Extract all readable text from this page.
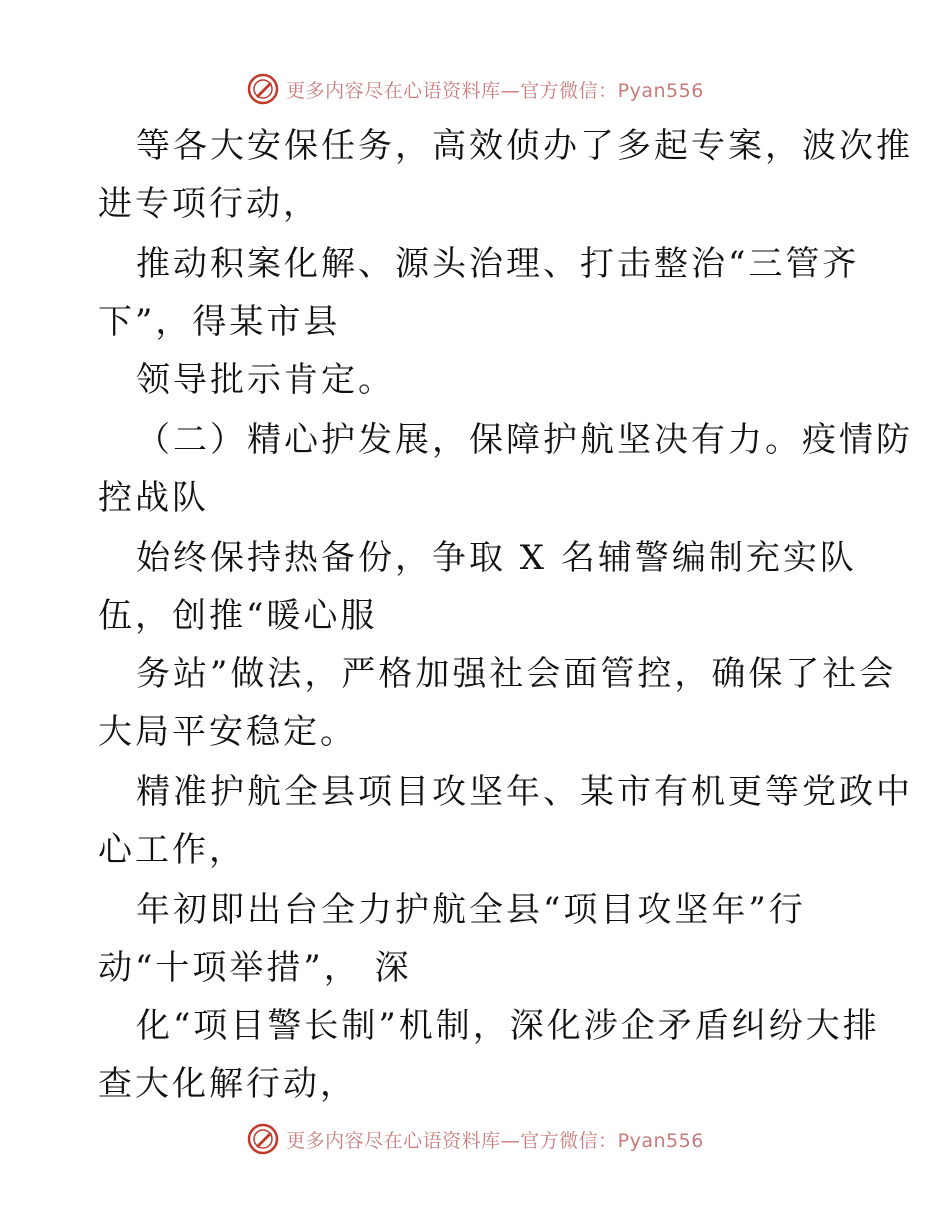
更多内容尽在心语资料库—官方微信：Pyan556
等各大安保任务，高效侦办了多起专案，波次推
进专项行动，
推动积案化解、源头治理、打击整治“三管齐
下”，得某市县
领导批示肯定。
（二）精心护发展，保障护航坚决有力。疫情防
控战队
始终保持热备份，争取 X 名辅警编制充实队
伍，创推“暖心服
务站”做法，严格加强社会面管控，确保了社会
大局平安稳定。
精准护航全县项目攻坚年、某市有机更等党政中
心工作，
年初即出台全力护航全县“项目攻坚年”行
动“十项举措”， 深
化“项目警长制”机制，深化涉企矛盾纠纷大排
查大化解行动，
更多内容尽在心语资料库—官方微信：Pyan556
